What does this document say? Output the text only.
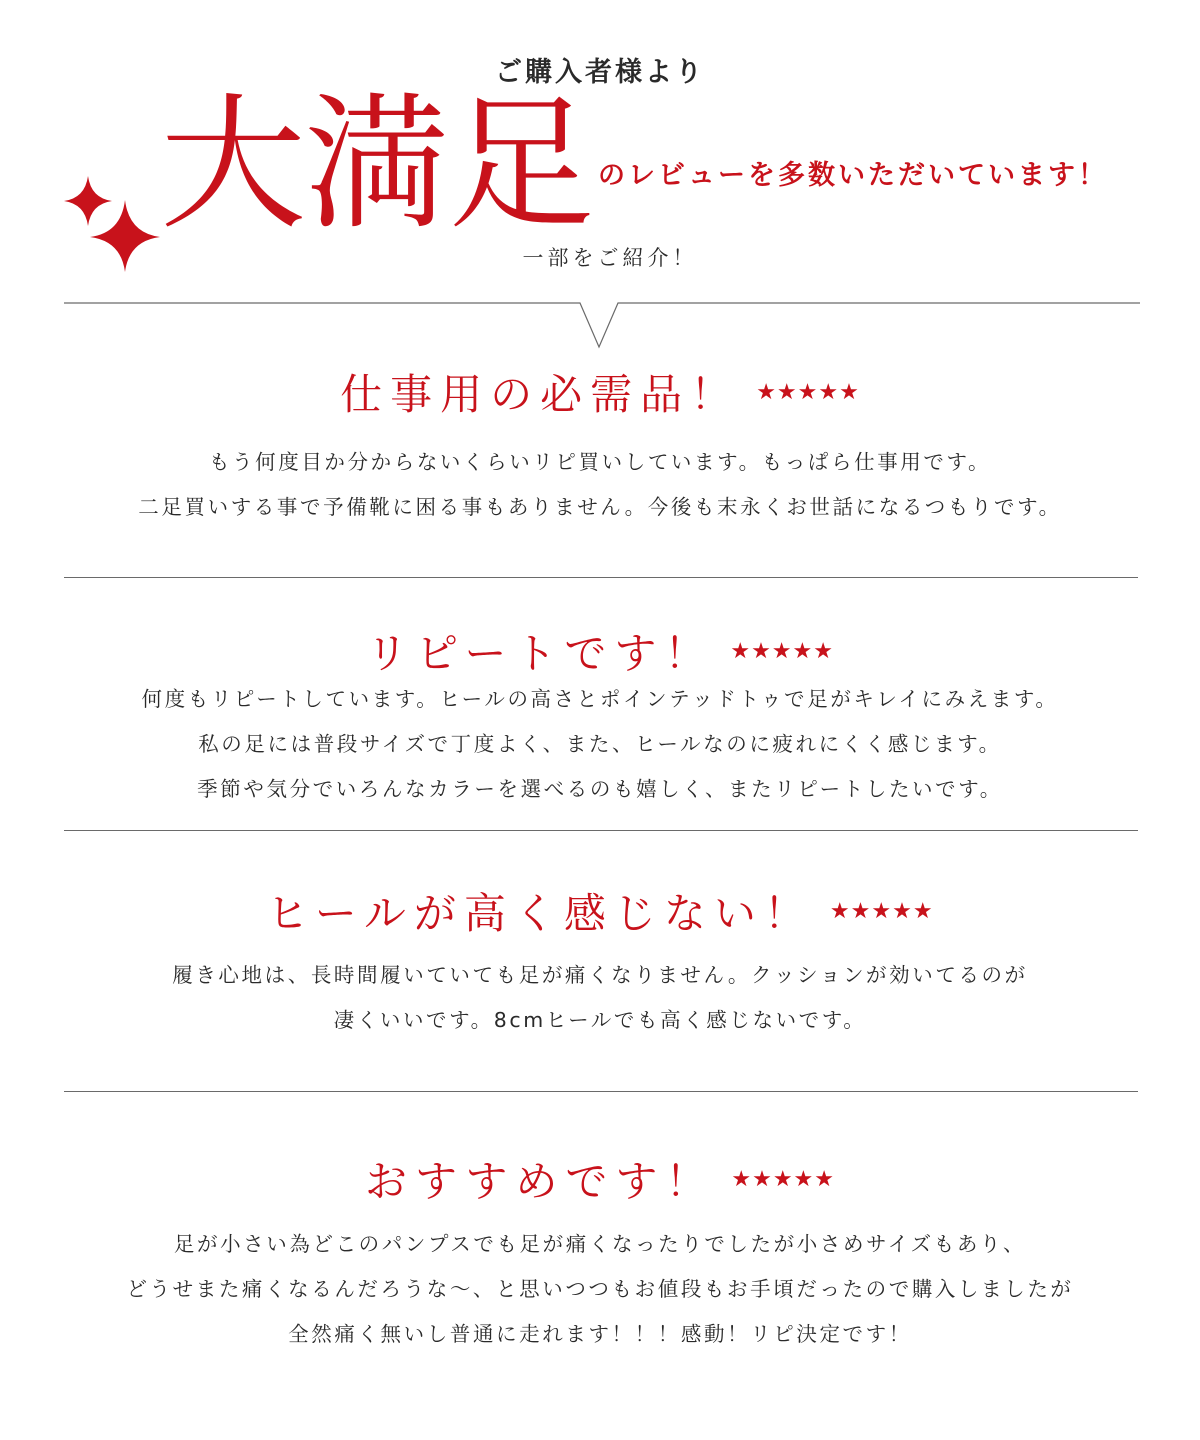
ご購入者様より
大満足 のレビューを多数いただいています！
一部をご紹介！
仕事用の必需品！ ★★★★★
もう何度目か分からないくらいリピ買いしています。もっぱら仕事用です。
二足買いする事で予備靴に困る事もありません。今後も末永くお世話になるつもりです。
リピートです！ ★★★★★
何度もリピートしています。ヒールの高さとポインテッドトゥで足がキレイにみえます。
私の足には普段サイズで丁度よく、また、ヒールなのに疲れにくく感じます。
季節や気分でいろんなカラーを選べるのも嬉しく、またリピートしたいです。
ヒールが高く感じない！ ★★★★★
履き心地は、長時間履いていても足が痛くなりません。クッションが効いてるのが
凄くいいです。8cmヒールでも高く感じないです。
おすすめです！ ★★★★★
足が小さい為どこのパンプスでも足が痛くなったりでしたが小さめサイズもあり、
どうせまた痛くなるんだろうな〜、と思いつつもお値段もお手頃だったので購入しましたが
全然痛く無いし普通に走れます！！！感動！リピ決定です！
